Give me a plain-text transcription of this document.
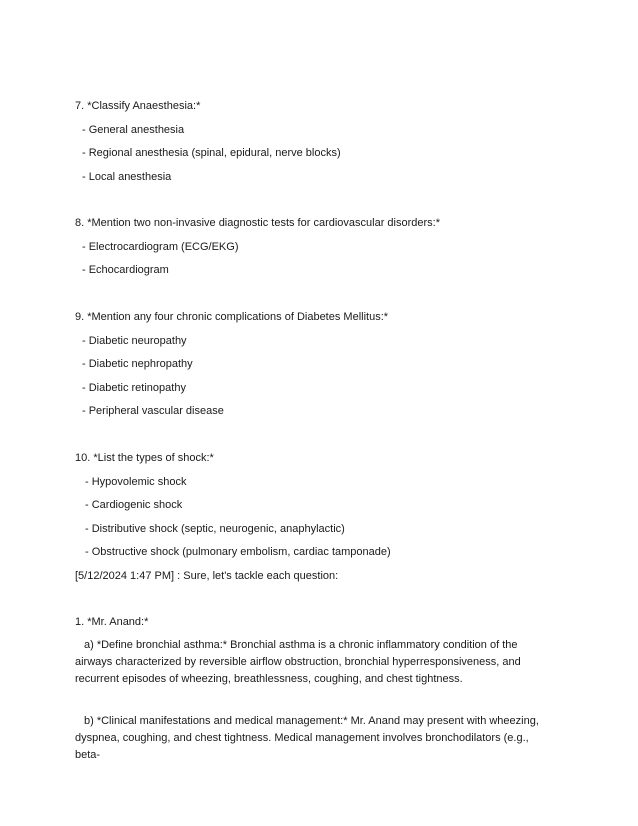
7. *Classify Anaesthesia:*
- General anesthesia
- Regional anesthesia (spinal, epidural, nerve blocks)
- Local anesthesia
8. *Mention two non-invasive diagnostic tests for cardiovascular disorders:*
- Electrocardiogram (ECG/EKG)
- Echocardiogram
9. *Mention any four chronic complications of Diabetes Mellitus:*
- Diabetic neuropathy
- Diabetic nephropathy
- Diabetic retinopathy
- Peripheral vascular disease
10. *List the types of shock:*
- Hypovolemic shock
- Cardiogenic shock
- Distributive shock (septic, neurogenic, anaphylactic)
- Obstructive shock (pulmonary embolism, cardiac tamponade)
[5/12/2024 1:47 PM] : Sure, let's tackle each question:
1. *Mr. Anand:*
a) *Define bronchial asthma:* Bronchial asthma is a chronic inflammatory condition of the airways characterized by reversible airflow obstruction, bronchial hyperresponsiveness, and recurrent episodes of wheezing, breathlessness, coughing, and chest tightness.
b) *Clinical manifestations and medical management:* Mr. Anand may present with wheezing, dyspnea, coughing, and chest tightness. Medical management involves bronchodilators (e.g., beta-
